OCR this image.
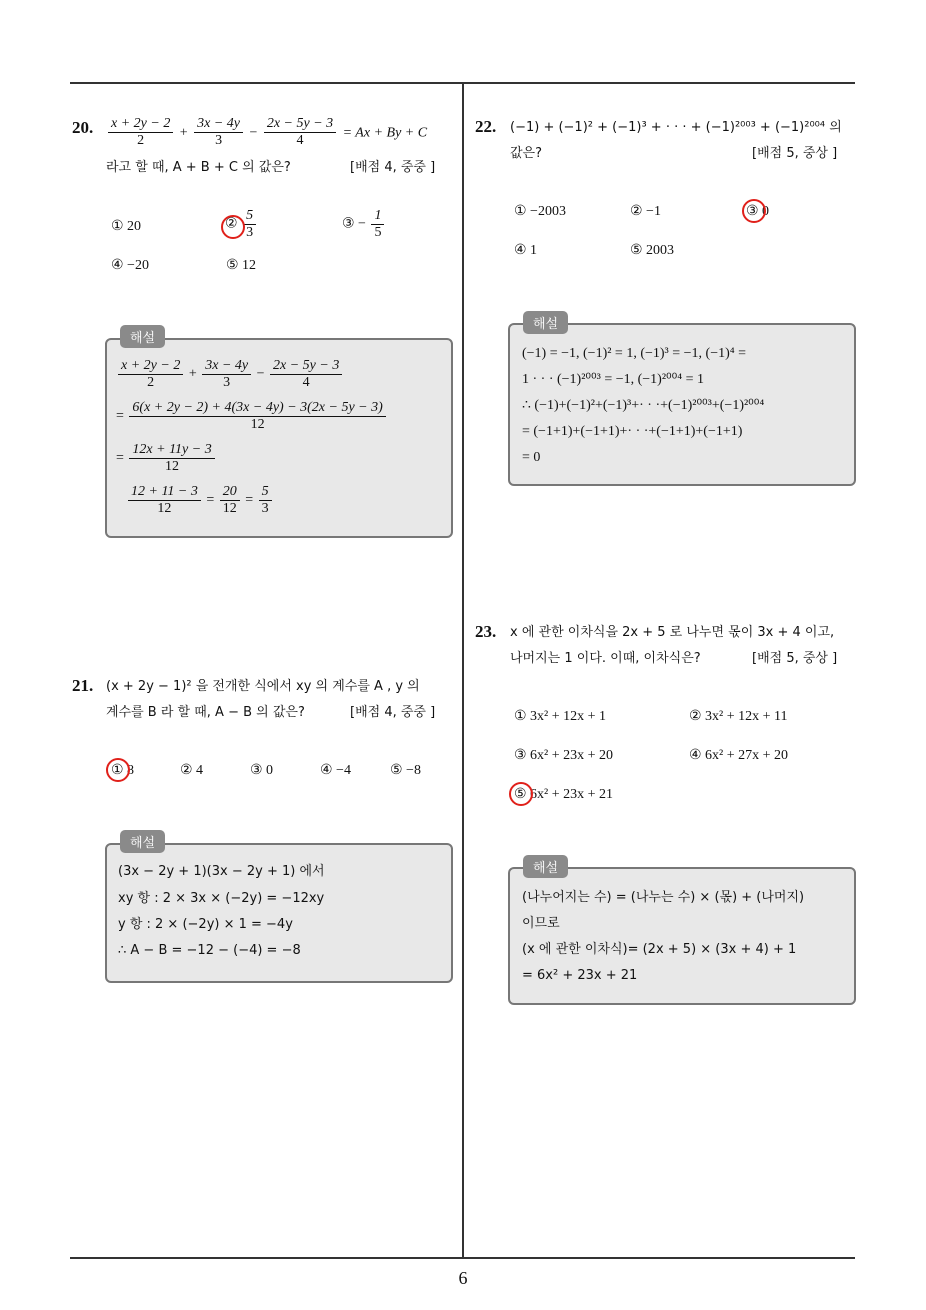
20. $\frac{x + 2y - 2}{2} + \frac{3x - 4y}{3} - \frac{2x - 5y - 3}{4} = Ax + By + C$
라고 할 때, A + B + C 의 값은?	[배점 4, 중중 ]
① 20	② $\frac{5}{3}$	③ − $\frac{1}{5}$
④ −20	⑤ 12
해설
$\frac{x + 2y - 2}{2} + \frac{3x - 4y}{3} - \frac{2x - 5y - 3}{4}$
= $\frac{6(x + 2y - 2) + 4(3x - 4y) - 3(2x - 5y - 3)}{12}$
= $\frac{12x + 11y - 3}{12}$
$\frac{12 + 11 - 3}{12} = \frac{20}{12} = \frac{5}{3}$
21. (x + 2y − 1)² 을 전개한 식에서 xy 의 계수를 A , y 의
계수를 B 라 할 때, A − B 의 값은?	[배점 4, 중중 ]
① 8	② 4	③ 0	④ −4	⑤ −8
해설
(3x − 2y + 1)(3x − 2y + 1) 에서
xy 항 : 2 × 3x × (−2y) = −12xy
y 항 : 2 × (−2y) × 1 = −4y
∴ A − B = −12 − (−4) = −8
22. (−1) + (−1)² + (−1)³ + · · · + (−1)²⁰⁰³ + (−1)²⁰⁰⁴ 의
값은?	[배점 5, 중상 ]
① −2003	② −1	③ 0
④ 1	⑤ 2003
해설
(−1) = −1, (−1)² = 1, (−1)³ = −1, (−1)⁴ =
1 · · · (−1)²⁰⁰³ = −1, (−1)²⁰⁰⁴ = 1
∴ (−1)+(−1)²+(−1)³+· · ·+(−1)²⁰⁰³+(−1)²⁰⁰⁴
= (−1+1)+(−1+1)+· · ·+(−1+1)+(−1+1)
= 0
23. x 에 관한 이차식을 2x + 5 로 나누면 몫이 3x + 4 이고,
나머지는 1 이다. 이때, 이차식은?	[배점 5, 중상 ]
① 3x² + 12x + 1	② 3x² + 12x + 11
③ 6x² + 23x + 20	④ 6x² + 27x + 20
⑤ 6x² + 23x + 21
해설
(나누어지는 수) = (나누는 수) × (몫) + (나머지)
이므로
(x 에 관한 이차식)= (2x + 5) × (3x + 4) + 1
= 6x² + 23x + 21
6
